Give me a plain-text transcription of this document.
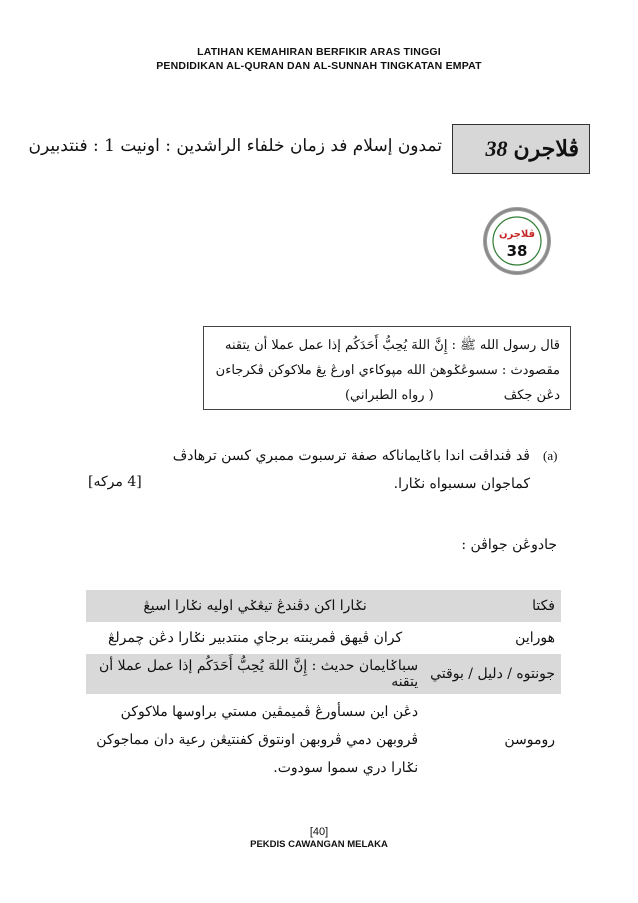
LATIHAN KEMAHIRAN BERFIKIR ARAS TINGGI
PENDIDIKAN AL-QURAN DAN AL-SUNNAH TINGKATAN EMPAT
ڤلاجرن38
تمدون إسلام فد زمان خلفاء الراشدين : اونيت 1 : فنتدبيرن
ڤلاجرن
38
قال رسول الله ﷺ : إِنَّ اللهَ يُحِبُّ أَحَدَكُم إذا عمل عملا أن يتقنه
مقصودث : سسوڠݢوهڽ الله مڽوكاءي اورڠ يڠ ملاكوكن ڤكرجاءن
دڠن جكڤ( رواه الطبراني)
(a)
ڤد ڤنداڤت اندا باݢايماناكه صفة ترسبوت ممبري كسن ترهادڤ كماجوان سسبواه نݢارا.
[4 مركه]
جادوڠن جواڤن :
فكتا	نݢارا اكن دڤندڠ تيڠݢي اوليه نݢارا اسيڠ
هوراين	كران ڤيهق ڤمرينته برجاي منتدبير نݢارا دڠن چمرلڠ
جونتوه / دليل / بوقتي	سباݢايمان حديث : إِنَّ اللهَ يُحِبُّ أَحَدَكُم إذا عمل عملا أن يتقنه
روموسن	دڠن اين سسأورڠ ڤميمڤين مستي براوسها ملاكوكن ڤروبهن دمي ڤروبهن اونتوق كفنتيڠن رعية دان مماجوكن نݢارا دري سموا سودوت.
[40]
PEKDIS CAWANGAN MELAKA
